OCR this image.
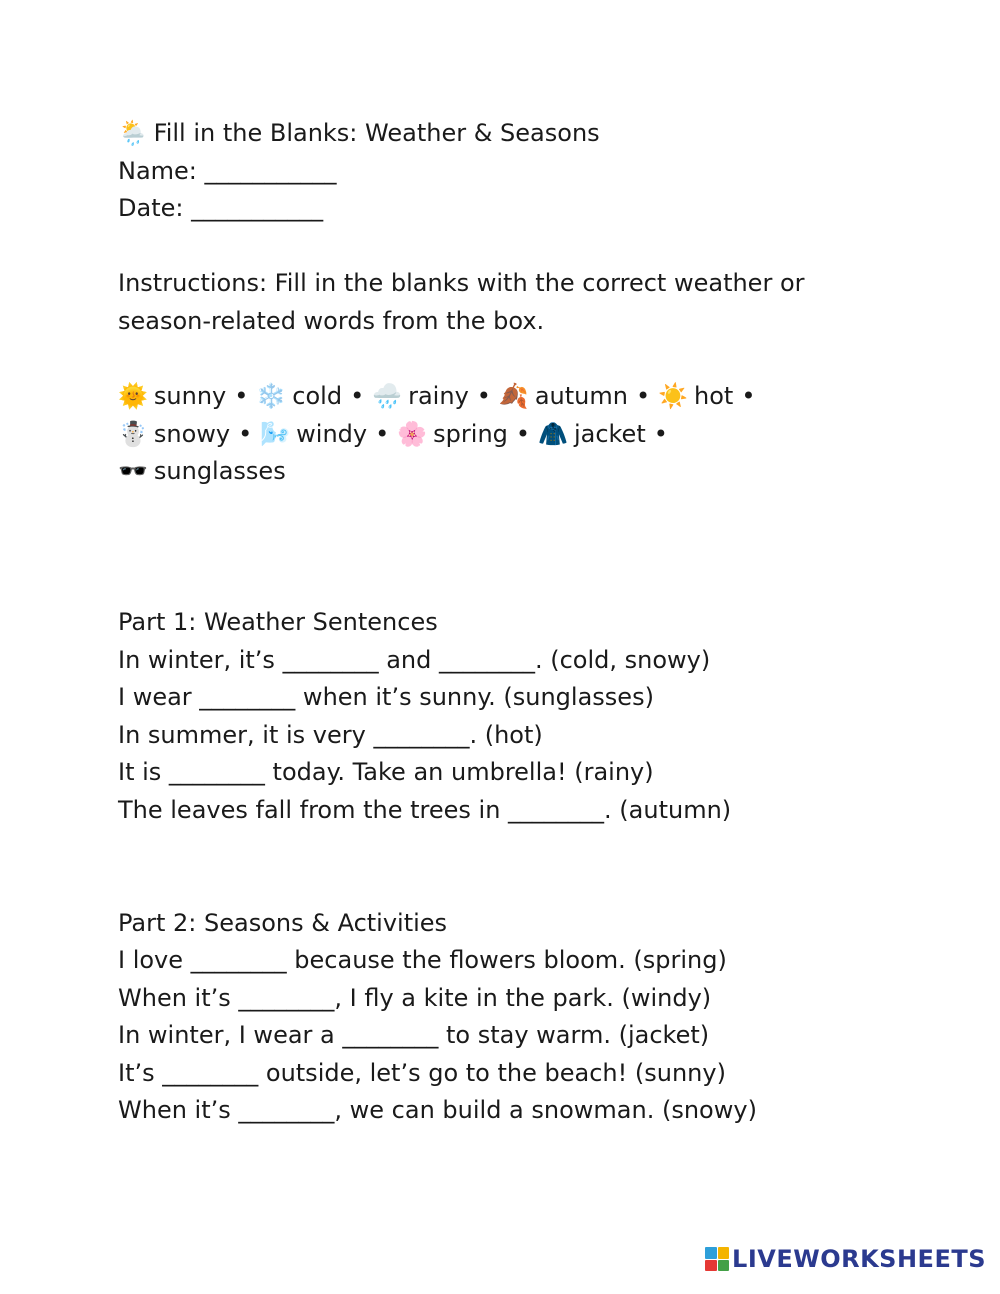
🌦️ Fill in the Blanks: Weather & Seasons
Name: ___________
Date: ___________
Instructions: Fill in the blanks with the correct weather or
season-related words from the box.
🌞 sunny • ❄️ cold • 🌧️ rainy • 🍂 autumn • ☀️ hot •
☃️ snowy • 🌬️ windy • 🌸 spring • 🧥 jacket •
🕶️ sunglasses
Part 1: Weather Sentences
In winter, it’s ________ and ________. (cold, snowy)
I wear ________ when it’s sunny. (sunglasses)
In summer, it is very ________. (hot)
It is ________ today. Take an umbrella! (rainy)
The leaves fall from the trees in ________. (autumn)
Part 2: Seasons & Activities
I love ________ because the flowers bloom. (spring)
When it’s ________, I fly a kite in the park. (windy)
In winter, I wear a ________ to stay warm. (jacket)
It’s ________ outside, let’s go to the beach! (sunny)
When it’s ________, we can build a snowman. (snowy)
LIVEWORKSHEETS
